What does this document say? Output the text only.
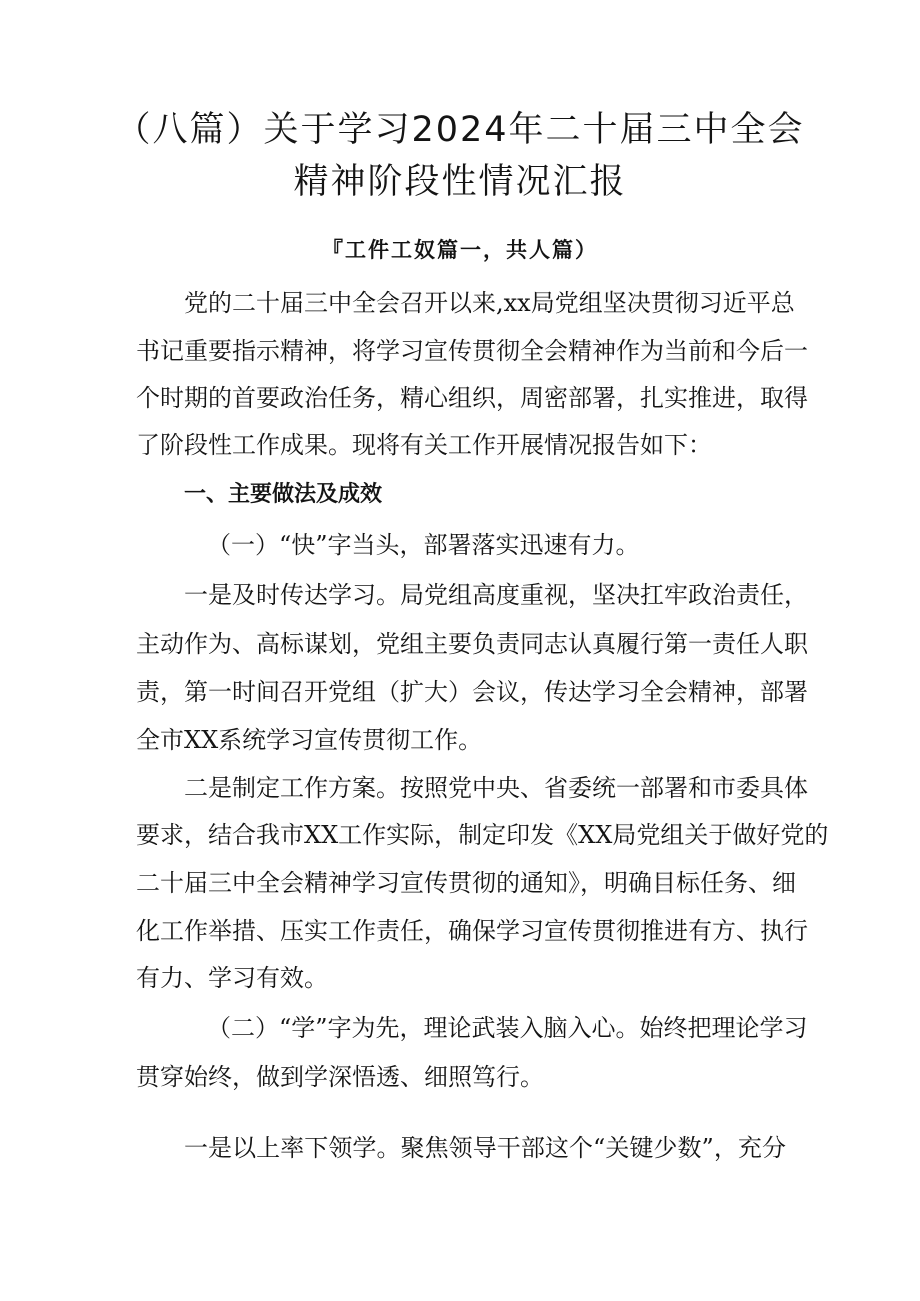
（八篇）关于学习2024年二十届三中全会
精神阶段性情况汇报
『工件工奴篇一，共人篇）
党的二十届三中全会召开以来,xx局党组坚决贯彻习近平总
书记重要指示精神，将学习宣传贯彻全会精神作为当前和今后一
个时期的首要政治任务，精心组织，周密部署，扎实推进，取得
了阶段性工作成果。现将有关工作开展情况报告如下：
一、主要做法及成效
（一）“快”字当头，部署落实迅速有力。
一是及时传达学习。局党组高度重视，坚决扛牢政治责任，
主动作为、高标谋划，党组主要负责同志认真履行第一责任人职
责，第一时间召开党组（扩大）会议，传达学习全会精神，部署
全市XX系统学习宣传贯彻工作。
二是制定工作方案。按照党中央、省委统一部署和市委具体
要求，结合我市XX工作实际，制定印发《XX局党组关于做好党的
二十届三中全会精神学习宣传贯彻的通知》，明确目标任务、细
化工作举措、压实工作责任，确保学习宣传贯彻推进有方、执行
有力、学习有效。
（二）“学”字为先，理论武装入脑入心。始终把理论学习
贯穿始终，做到学深悟透、细照笃行。
一是以上率下领学。聚焦领导干部这个“关键少数”，充分
